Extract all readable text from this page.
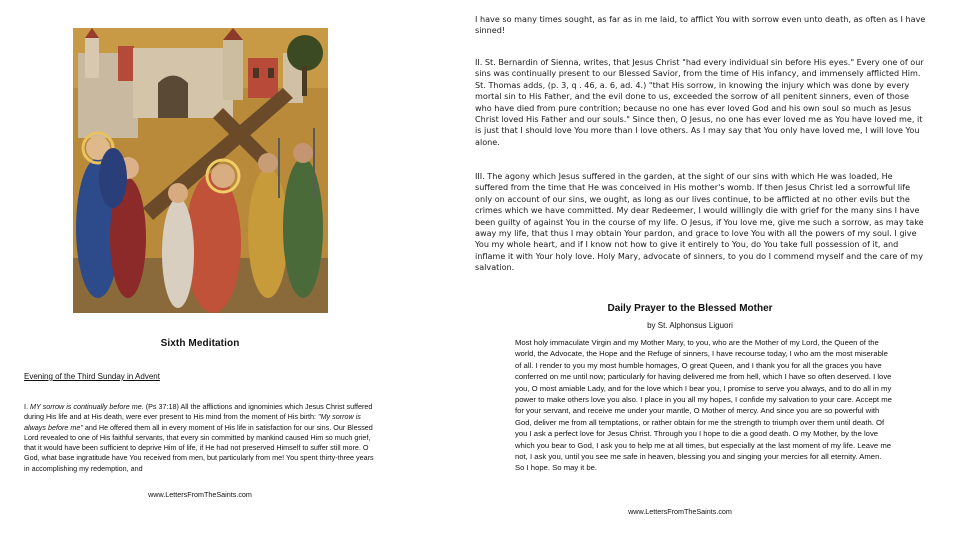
Sixth Meditation
Evening of the Third Sunday in Advent
I. MY sorrow is continually before me. (Ps 37:18) All the afflictions and ignominies which Jesus Christ suffered during His life and at His death, were ever present to His mind from the moment of His birth: "My sorrow is always before me" and He offered them all in every moment of His life in satisfaction for our sins. Our Blessed Lord revealed to one of His faithful servants, that every sin committed by mankind caused Him so much grief, that it would have been sufficient to deprive Him of life, if He had not preserved Himself to suffer still more. O God, what base ingratitude have You received from men, but particularly from me! You spent thirty-three years in accomplishing my redemption, and
www.LettersFromTheSaints.com
I have so many times sought, as far as in me laid, to afflict You with sorrow even unto death, as often as I have sinned!
II. St. Bernardin of Sienna, writes, that Jesus Christ "had every individual sin before His eyes." Every one of our sins was continually present to our Blessed Savior, from the time of His infancy, and immensely afflicted Him. St. Thomas adds, (p. 3, q . 46, a. 6, ad. 4.) "that His sorrow, in knowing the injury which was done by every mortal sin to His Father, and the evil done to us, exceeded the sorrow of all penitent sinners, even of those who have died from pure contrition; because no one has ever loved God and his own soul so much as Jesus Christ loved His Father and our souls." Since then, O Jesus, no one has ever loved me as You have loved me, it is just that I should love You more than I love others. As I may say that You only have loved me, I will love You alone.
III. The agony which Jesus suffered in the garden, at the sight of our sins with which He was loaded, He suffered from the time that He was conceived in His mother's womb. If then Jesus Christ led a sorrowful life only on account of our sins, we ought, as long as our lives continue, to be afflicted at no other evils but the crimes which we have committed. My dear Redeemer, I would willingly die with grief for the many sins I have been guilty of against You in the course of my life. O Jesus, if You love me, give me such a sorrow, as may take away my life, that thus I may obtain Your pardon, and grace to love You with all the powers of my soul. I give You my whole heart, and if I know not how to give it entirely to You, do You take full possession of it, and inflame it with Your holy love. Holy Mary, advocate of sinners, to you do I commend myself and the care of my salvation.
Daily Prayer to the Blessed Mother
by St. Alphonsus Liguori
Most holy immaculate Virgin and my Mother Mary, to you, who are the Mother of my Lord, the Queen of the world, the Advocate, the Hope and the Refuge of sinners, I have recourse today, I who am the most miserable of all. I render to you my most humble homages, O great Queen, and I thank you for all the graces you have conferred on me until now; particularly for having delivered me from hell, which I have so often deserved. I love you, O most amiable Lady, and for the love which I bear you, I promise to serve you always, and to do all in my power to make others love you also. I place in you all my hopes, I confide my salvation to your care. Accept me for your servant, and receive me under your mantle, O Mother of mercy. And since you are so powerful with God, deliver me from all temptations, or rather obtain for me the strength to triumph over them until death. Of you I ask a perfect love for Jesus Christ. Through you I hope to die a good death. O my Mother, by the love which you bear to God, I ask you to help me at all times, but especially at the last moment of my life. Leave me not, I ask you, until you see me safe in heaven, blessing you and singing your mercies for all eternity. Amen. So I hope. So may it be.
www.LettersFromTheSaints.com
